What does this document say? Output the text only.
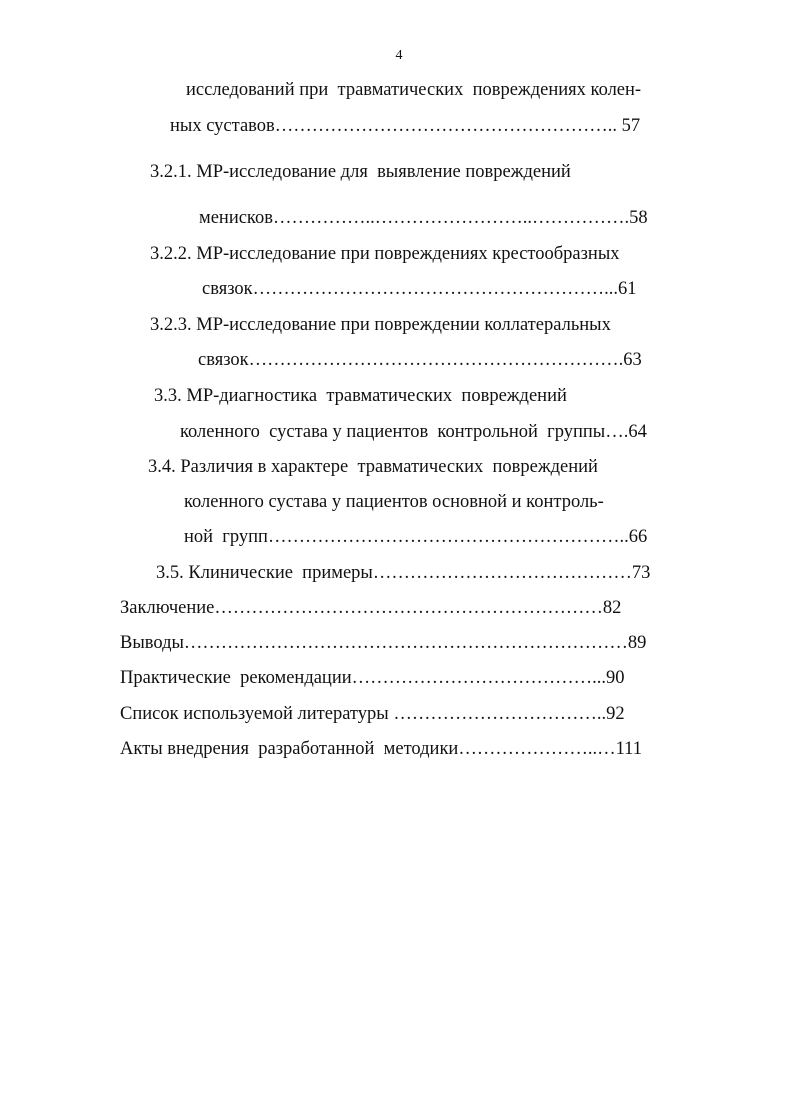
4
исследований при  травматических  повреждениях колен-
ных суставов……………………………………………….. 57
3.2.1. МР-исследование для  выявление повреждений
менисков……………..……………………..…………….58
3.2.2. МР-исследование при повреждениях крестообразных
связок…………………………………………………...61
3.2.3. МР-исследование при повреждении коллатеральных
связок…………………………………………………….63
3.3. МР-диагностика  травматических  повреждений
коленного  сустава у пациентов  контрольной  группы….64
3.4. Различия в характере  травматических  повреждений
коленного сустава у пациентов основной и контроль-
ной  групп…………………………………………………..66
3.5. Клинические  примеры……………………………………73
Заключение………………………………………………………82
Выводы………………………………………………………………89
Практические  рекомендации…………………………………...90
Список используемой литературы ……………………………..92
Акты внедрения  разработанной  методики…………………..…111
